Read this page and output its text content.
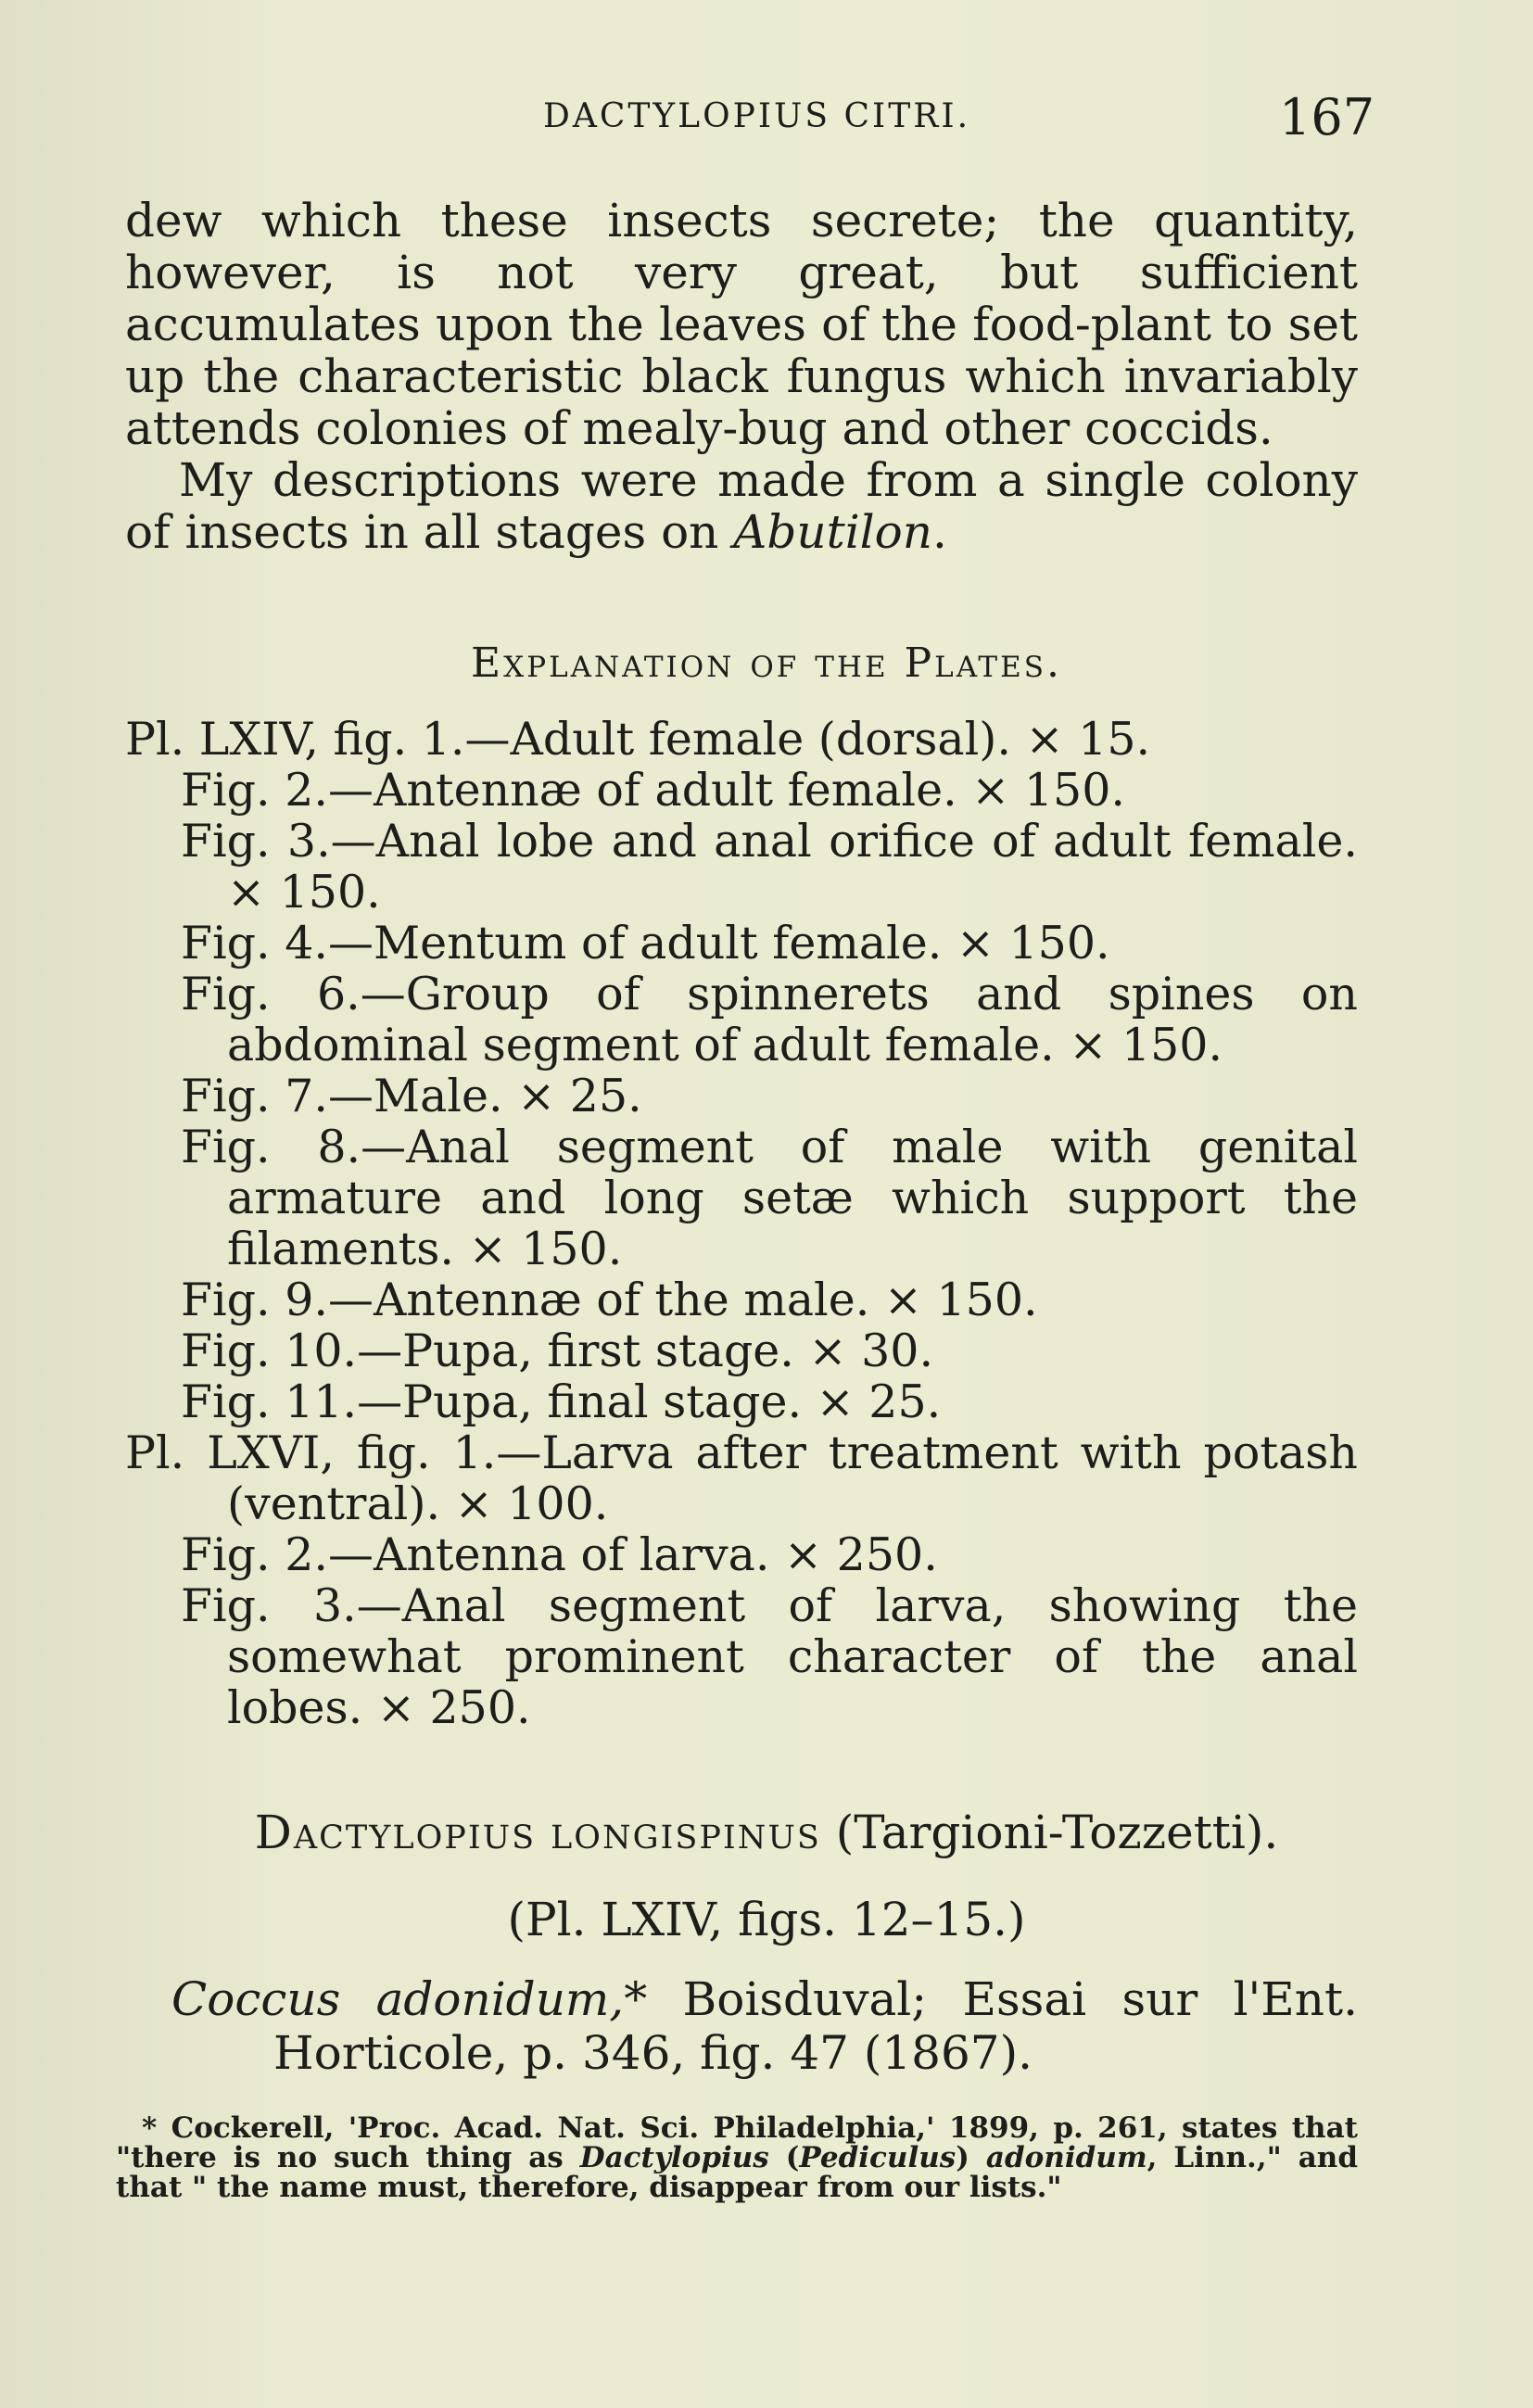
DACTYLOPIUS CITRI.	167

dew which these insects secrete; the quantity, however, is not very great, but sufficient accumulates upon the leaves of the food-plant to set up the characteristic black fungus which invariably attends colonies of mealy-bug and other coccids.

My descriptions were made from a single colony of insects in all stages on Abutilon.

Explanation of the Plates.

Pl. LXIV, fig. 1.—Adult female (dorsal). × 15.

Fig. 2.—Antennæ of adult female. × 150.

Fig. 3.—Anal lobe and anal orifice of adult female. × 150.

Fig. 4.—Mentum of adult female. × 150.

Fig. 6.—Group of spinnerets and spines on abdominal segment of adult female. × 150.

Fig. 7.—Male. × 25.

Fig. 8.—Anal segment of male with genital armature and long setæ which support the filaments. × 150.

Fig. 9.—Antennæ of the male. × 150.

Fig. 10.—Pupa, first stage. × 30.

Fig. 11.—Pupa, final stage. × 25.

Pl. LXVI, fig. 1.—Larva after treatment with potash (ventral). × 100.

Fig. 2.—Antenna of larva. × 250.

Fig. 3.—Anal segment of larva, showing the somewhat prominent character of the anal lobes. × 250.

Dactylopius longispinus (Targioni-Tozzetti).
(Pl. LXIV, figs. 12–15.)
Coccus adonidum,* Boisduval; Essai sur l'Ent. Horticole, p. 346, fig. 47 (1867).
* Cockerell, 'Proc. Acad. Nat. Sci. Philadelphia,' 1899, p. 261, states that "there is no such thing as Dactylopius (Pediculus) adonidum, Linn.," and that " the name must, therefore, disappear from our lists."
